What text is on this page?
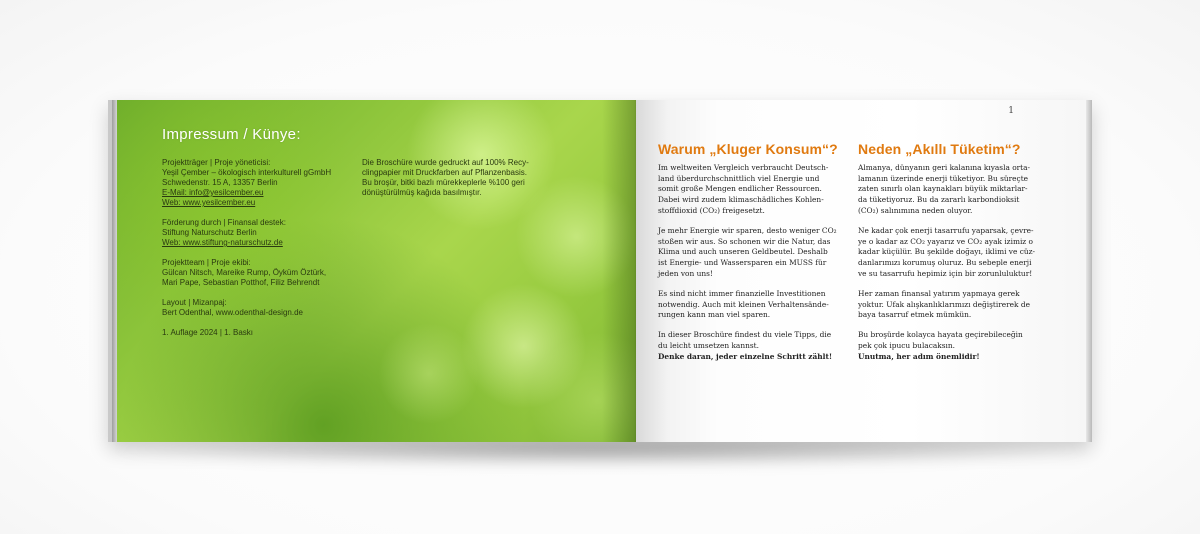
Impressum / Künye:

Projektträger | Proje yöneticisi:

Yeşil Çember – ökologisch interkulturell gGmbH

Schwedenstr. 15 A, 13357 Berlin

E-Mail: info@yesilcember.eu

Web: www.yesilcember.eu

Förderung durch | Finansal destek:

Stiftung Naturschutz Berlin

Web: www.stiftung-naturschutz.de

Projektteam | Proje ekibi:

Gülcan Nitsch, Mareike Rump, Öyküm Öztürk,

Mari Pape, Sebastian Potthof, Filiz Behrendt

Layout | Mizanpaj:

Bert Odenthal, www.odenthal-design.de

1. Auflage 2024 | 1. Baskı

Die Broschüre wurde gedruckt auf 100% Recy-

clingpapier mit Druckfarben auf Pflanzenbasis.

Bu broşür, bitki bazlı mürekkeplerle %100 geri

dönüştürülmüş kağıda basılmıştır.

1
Warum „Kluger Konsum“?

Im weltweiten Vergleich verbraucht Deutsch-
land überdurchschnittlich viel Energie und
somit große Mengen endlicher Ressourcen.
Dabei wird zudem klimaschädliches Kohlen-
stoffdioxid (CO₂) freigesetzt.

Je mehr Energie wir sparen, desto weniger CO₂
stoßen wir aus. So schonen wir die Natur, das
Klima und auch unseren Geldbeutel. Deshalb
ist Energie- und Wassersparen ein MUSS für
jeden von uns!

Es sind nicht immer finanzielle Investitionen
notwendig. Auch mit kleinen Verhaltensände-
rungen kann man viel sparen.

In dieser Broschüre findest du viele Tipps, die
du leicht umsetzen kannst.
Denke daran, jeder einzelne Schritt zählt!

Neden „Akıllı Tüketim“?

Almanya, dünyanın geri kalanına kıyasla orta-
lamanın üzerinde enerji tüketiyor. Bu süreçte
zaten sınırlı olan kaynakları büyük miktarlar-
da tüketiyoruz. Bu da zararlı karbondioksit
(CO₂) salınımına neden oluyor.

Ne kadar çok enerji tasarrufu yaparsak, çevre-
ye o kadar az CO₂ yayarız ve CO₂ ayak izimiz o
kadar küçülür. Bu şekilde doğayı, iklimi ve cüz-
danlarımızı korumuş oluruz. Bu sebeple enerji
ve su tasarrufu hepimiz için bir zorunluluktur!

Her zaman finansal yatırım yapmaya gerek
yoktur. Ufak alışkanlıklarımızı değiştirerek de
baya tasarruf etmek mümkün.

Bu broşürde kolayca hayata geçirebileceğin
pek çok ipucu bulacaksın.
Unutma, her adım önemlidir!
